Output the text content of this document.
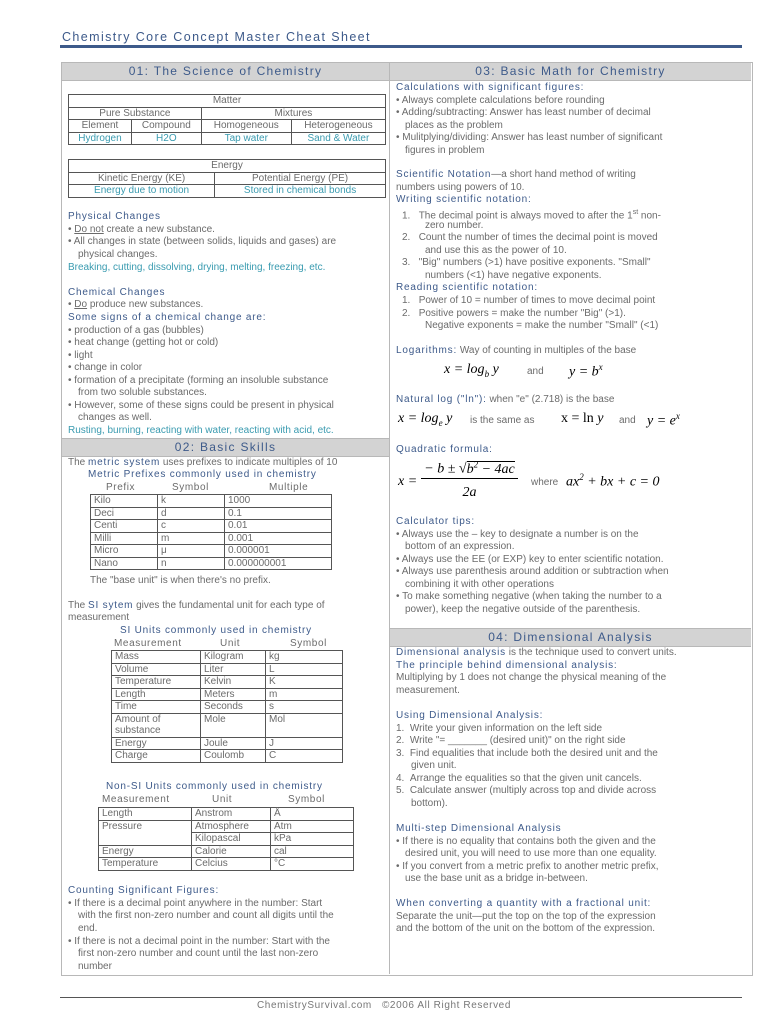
Chemistry Core Concept Master Cheat Sheet
01: The Science of Chemistry
Matter			
Pure Substance		Mixtures	
Element	Compound	Homogeneous	Heterogeneous
Hydrogen	H2O	Tap water	Sand & Water
Energy	
Kinetic Energy (KE)	Potential Energy (PE)
Energy due to motion	Stored in chemical bonds
Physical Changes
• Do not create a new substance.
• All changes in state (between solids, liquids and gases) are
physical changes.
Breaking, cutting, dissolving, drying, melting, freezing, etc.
Chemical Changes
• Do produce new substances.
Some signs of a chemical change are:
• production of a gas (bubbles)
• heat change (getting hot or cold)
• light
• change in color
• formation of a precipitate (forming an insoluble substance
from two soluble substances.
• However, some of these signs could be present in physical
changes as well.
Rusting, burning, reacting with water, reacting with acid, etc.
02: Basic Skills
The metric system uses prefixes to indicate multiples of 10
Metric Prefixes commonly used in chemistry
Prefix	Symbol	Multiple
Kilo	k	1000
Deci	d	0.1
Centi	c	0.01
Milli	m	0.001
Micro	μ	0.000001
Nano	n	0.000000001
The "base unit" is when there's no prefix.
The SI sytem gives the fundamental unit for each type of
measurement
SI Units commonly used in chemistry
Measurement	Unit	Symbol
Mass	Kilogram	kg
Volume	Liter	L
Temperature	Kelvin	K
Length	Meters	m
Time	Seconds	s
Amount of substance	Mole	Mol
Energy	Joule	J
Charge	Coulomb	C
Non-SI Units commonly used in chemistry
Measurement	Unit	Symbol
Length	Anstrom	Å
Pressure	Atmosphere	Atm
	Kilopascal	kPa
Energy	Calorie	cal
Temperature	Celcius	°C
Counting Significant Figures:
• If there is a decimal point anywhere in the number: Start
with the first non-zero number and count all digits until the
end.
• If there is not a decimal point in the number: Start with the
first non-zero number and count until the last non-zero
number
03: Basic Math for Chemistry
Calculations with significant figures:
• Always complete calculations before rounding
• Adding/subtracting: Answer has least number of decimal
places as the problem
• Mulitplying/dividing: Answer has least number of significant
figures in problem
Scientific Notation—a short hand method of writing
numbers using powers of 10.
Writing scientific notation:
1.   The decimal point is always moved to after the 1st non-
zero number.
2.   Count the number of times the decimal point is moved
and use this as the power of 10.
3.   "Big" numbers (>1) have positive exponents. "Small"
numbers (<1) have negative exponents.
Reading scientific notation:
1.   Power of 10 = number of times to move decimal point
2.   Positive powers = make the number "Big" (>1).
Negative exponents = make the number "Small" (<1)
Logarithms: Way of counting in multiples of the base
$x = \log_b y$	and $y = b^x$
Natural log ("ln"): when "e" (2.718) is the base
$x = \log_e y$ is the same as x = ln y and $y = e^x$
Quadratic formula:
x =
− $b \pm √b^2 - 4ac$
2a
where $ax^2$ + bx + c = 0
Calculator tips:
• Always use the – key to designate a number is on the
bottom of an expression.
• Always use the EE (or EXP) key to enter scientific notation.
• Always use parenthesis around addition or subtraction when
combining it with other operations
• To make something negative (when taking the number to a
power), keep the negative outside of the parenthesis.
04: Dimensional Analysis
Dimensional analysis is the technique used to convert units.
The principle behind dimensional analysis:
Multiplying by 1 does not change the physical meaning of the
measurement.
Using Dimensional Analysis:
1.  Write your given information on the left side
2.  Write "= _______ (desired unit)" on the right side
3.  Find equalities that include both the desired unit and the
given unit.
4.  Arrange the equalities so that the given unit cancels.
5.  Calculate answer (multiply across top and divide across
bottom).
Multi-step Dimensional Analysis
• If there is no equality that contains both the given and the
desired unit, you will need to use more than one equality.
• If you convert from a metric prefix to another metric prefix,
use the base unit as a bridge in-between.
When converting a quantity with a fractional unit:
Separate the unit—put the top on the top of the expression
and the bottom of the unit on the bottom of the expression.
ChemistrySurvival.com ©2006 All Right Reserved
